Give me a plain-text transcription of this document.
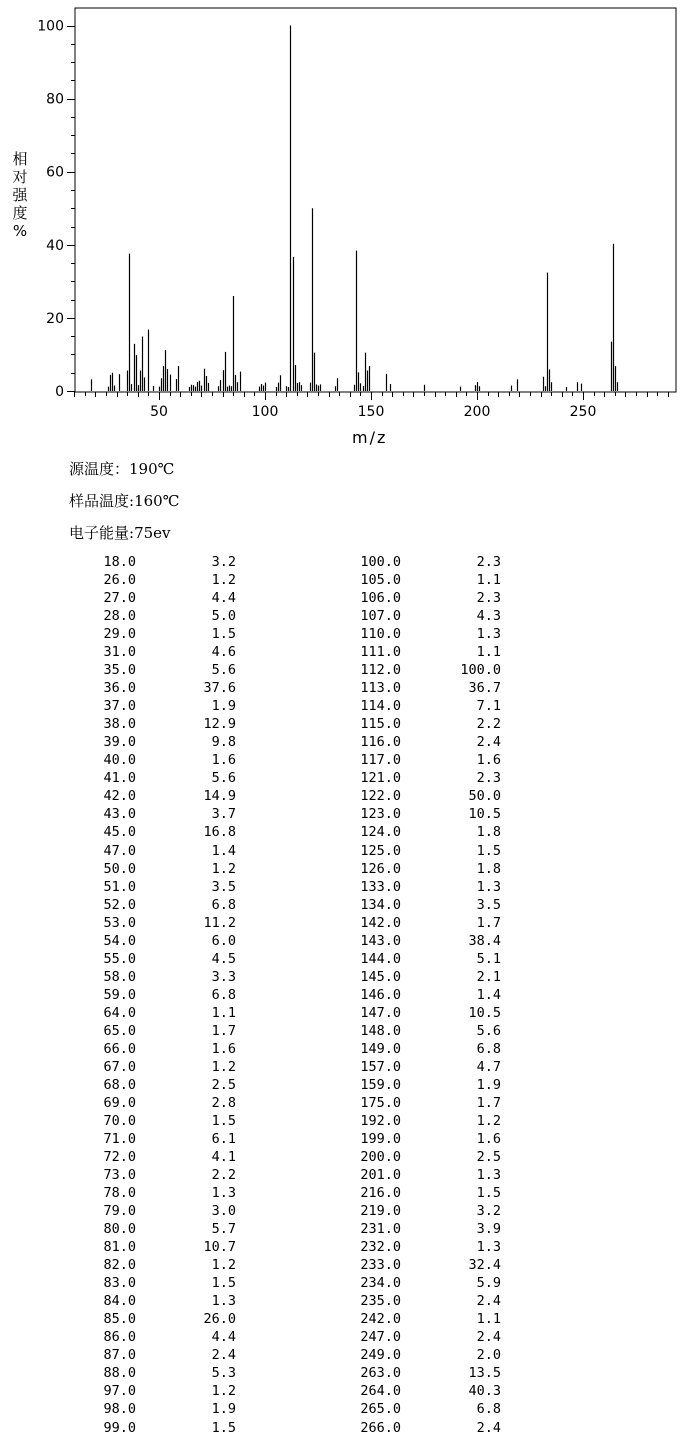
0
20
40
60
80
100
50	100	150	200	250
相
对
强
度
%
m/z
源温度：190℃
样品温度:160℃
电子能量:75ev
18.0	3.2
26.0	1.2
27.0	4.4
28.0	5.0
29.0	1.5
31.0	4.6
35.0	5.6
36.0	37.6
37.0	1.9
38.0	12.9
39.0	9.8
40.0	1.6
41.0	5.6
42.0	14.9
43.0	3.7
45.0	16.8
47.0	1.4
50.0	1.2
51.0	3.5
52.0	6.8
53.0	11.2
54.0	6.0
55.0	4.5
58.0	3.3
59.0	6.8
64.0	1.1
65.0	1.7
66.0	1.6
67.0	1.2
68.0	2.5
69.0	2.8
70.0	1.5
71.0	6.1
72.0	4.1
73.0	2.2
78.0	1.3
79.0	3.0
80.0	5.7
81.0	10.7
82.0	1.2
83.0	1.5
84.0	1.3
85.0	26.0
86.0	4.4
87.0	2.4
88.0	5.3
97.0	1.2
98.0	1.9
99.0	1.5
100.0	2.3
105.0	1.1
106.0	2.3
107.0	4.3
110.0	1.3
111.0	1.1
112.0	100.0
113.0	36.7
114.0	7.1
115.0	2.2
116.0	2.4
117.0	1.6
121.0	2.3
122.0	50.0
123.0	10.5
124.0	1.8
125.0	1.5
126.0	1.8
133.0	1.3
134.0	3.5
142.0	1.7
143.0	38.4
144.0	5.1
145.0	2.1
146.0	1.4
147.0	10.5
148.0	5.6
149.0	6.8
157.0	4.7
159.0	1.9
175.0	1.7
192.0	1.2
199.0	1.6
200.0	2.5
201.0	1.3
216.0	1.5
219.0	3.2
231.0	3.9
232.0	1.3
233.0	32.4
234.0	5.9
235.0	2.4
242.0	1.1
247.0	2.4
249.0	2.0
263.0	13.5
264.0	40.3
265.0	6.8
266.0	2.4
